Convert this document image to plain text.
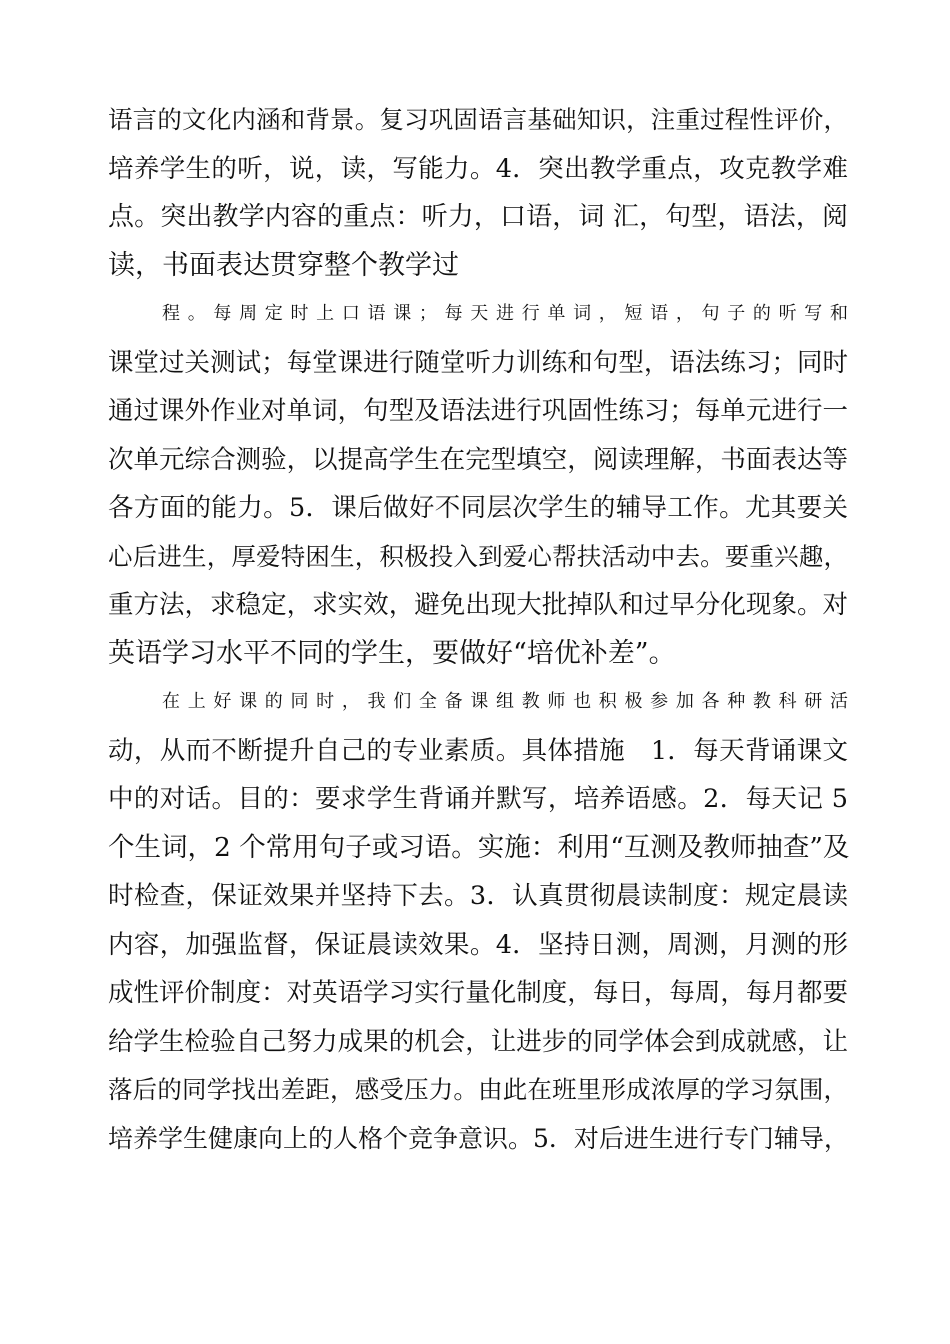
语言的文化内涵和背景。复习巩固语言基础知识，注重过程性评价，
培养学生的听，说，读，写能力。4．突出教学重点，攻克教学难
点。突出教学内容的重点：听力，口语，词 汇，句型，语法，阅
读，书面表达贯穿整个教学过
程。每周定时上口语课；每天进行单词，短语，句子的听写和
课堂过关测试；每堂课进行随堂听力训练和句型，语法练习；同时
通过课外作业对单词，句型及语法进行巩固性练习；每单元进行一
次单元综合测验，以提高学生在完型填空，阅读理解，书面表达等
各方面的能力。5．课后做好不同层次学生的辅导工作。尤其要关
心后进生，厚爱特困生，积极投入到爱心帮扶活动中去。要重兴趣，
重方法，求稳定，求实效，避免出现大批掉队和过早分化现象。对
英语学习水平不同的学生，要做好“培优补差”。
在上好课的同时，我们全备课组教师也积极参加各种教科研活
动，从而不断提升自己的专业素质。具体措施　1．每天背诵课文
中的对话。目的：要求学生背诵并默写，培养语感。2．每天记 5
个生词，2 个常用句子或习语。实施：利用“互测及教师抽查”及
时检查，保证效果并坚持下去。3．认真贯彻晨读制度：规定晨读
内容，加强监督，保证晨读效果。4．坚持日测，周测，月测的形
成性评价制度：对英语学习实行量化制度，每日，每周，每月都要
给学生检验自己努力成果的机会，让进步的同学体会到成就感，让
落后的同学找出差距，感受压力。由此在班里形成浓厚的学习氛围，
培养学生健康向上的人格个竞争意识。5．对后进生进行专门辅导，
